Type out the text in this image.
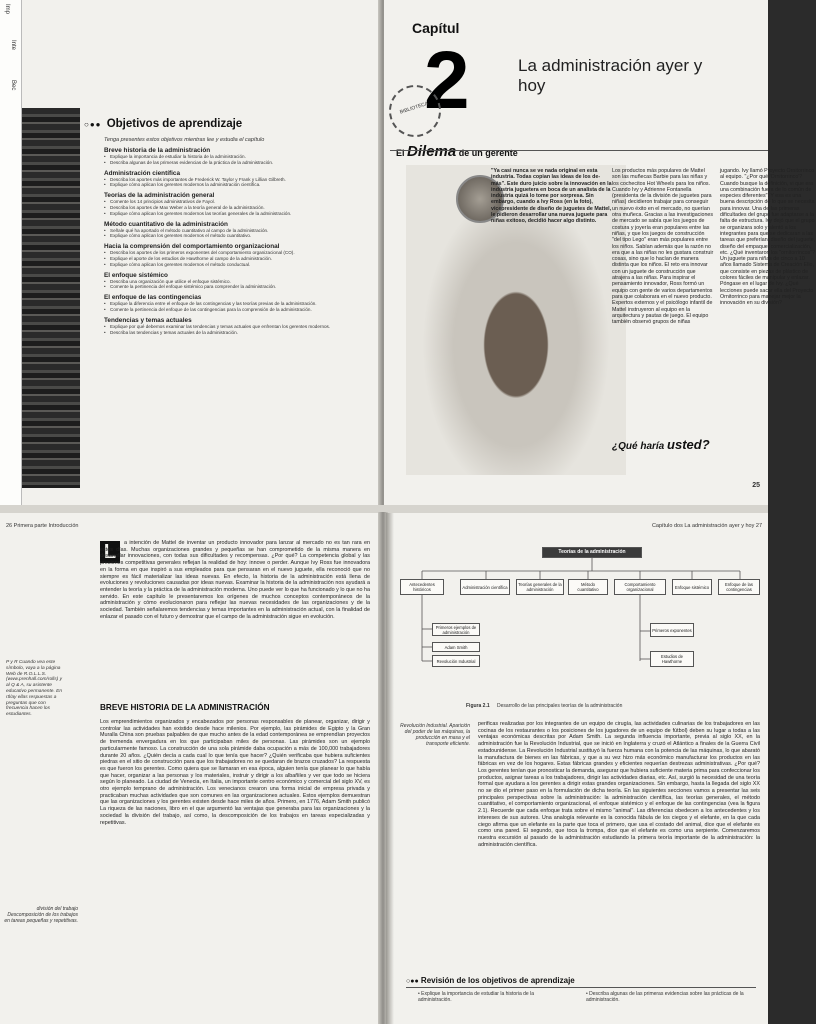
Imp
Inte
Bec
○●● Objetivos de aprendizaje
Tenga presentes estos objetivos mientras lee y estudia el capítulo
Breve historia de la administración
• Explique la importancia de estudiar la historia de la administración.
• Describa algunas de las primeras evidencias de la práctica de la administración.
Administración científica
• Describa los aportes más importantes de Frederick W. Taylor y Frank y Lillian Gilbreth.
• Explique cómo aplican los gerentes modernos la administración científica.
Teorías de la administración general
• Comente los 14 principios administrativos de Fayol.
• Describa los aportes de Max Weber a la teoría general de la administración.
• Explique cómo aplican los gerentes modernos las teorías generales de la administración.
Método cuantitativo de la administración
• Señale qué ha aportado el método cuantitativo al campo de la administración.
• Explique cómo aplican los gerentes modernos el método cuantitativo.
Hacia la comprensión del comportamiento organizacional
• Describa los aportes de los primeros exponentes del comportamiento organizacional (CO).
• Explique el aporte de los estudios de Hawthorne al campo de la administración.
• Explique cómo aplican los gerentes modernos el método conductual.
El enfoque sistémico
• Describa una organización que utilice el enfoque sistémico.
• Comente la pertinencia del enfoque sistémico para comprender la administración.
El enfoque de las contingencias
• Explique la diferencia entre el enfoque de las contingencias y las teorías previas de la administración.
• Comente la pertinencia del enfoque de las contingencias para la comprensión de la administración.
Tendencias y temas actuales
• Explique por qué debemos examinar las tendencias y temas actuales que enfrentan los gerentes modernos.
• Describa las tendencias y temas actuales de la administración.
Capítul
2	La administración ayer y hoy
BIBLIOTECA
El Dilema de un gerente
"Ya casi nunca se ve nada original en esta industria. Todas copian las ideas de los de-más". Este duro juicio sobre la innovación en la industria juguetera en boca de un analista de la industria quizá lo tome por sorpresa. Sin embargo, cuando a Ivy Ross (en la foto), vicepresidente de diseño de juguetes de Mattel, le pidieron desarrollar una nueva juguete para niñas exitoso, decidió hacer algo distinto.
Los productos más populares de Mattel son las muñecas Barbie para las niñas y los cochecitos Hot Wheels para los niños. Cuando Ivy y Adrienne Fontanella (presidenta de la división de juguetes para niñas) decidieron trabajar para conseguir un nuevo éxito en el mercado, no querían otra muñeca. Gracias a las investigaciones de mercado se sabía que los juegos de costura y joyería eran populares entre las niñas, y que los juegos de construcción "del tipo Lego" eran más populares entre los niños. Sabían además que la razón no era que a las niñas no les gustara construir cosas, sino que lo hacían de manera distinta que los niños. El reto era innovar con un juguete de construcción que atrajera a las niñas. Para inspirar el pensamiento innovador, Ross formó un equipo con gente de varios departamentos para que colaborara en el nuevo producto. Expertos externos y el psicólogo infantil de Mattel instruyeron al equipo en la arquitectura y pautas de juego. El equipo también observó grupos de niñas
jugando. Ivy llamó Proyecto Ornitorrinco al equipo. "¿Por qué 'Ornitorrinco'? Cuando busque la definición, vi que era una combinación fuera de lo común de especies diferentes". Y esa es una buena descripción de lo que se necesita para innovar. Una de las primeras dificultades del grupo fue adaptarse a la falta de estructura. Ivy dejó que el grupo se organizara solo y alentó a los integrantes para que se dedicaran a las tareas que preferían: diseño del juguete, diseño del empaque, comercialización, etc. ¿Qué inventaron los "ornitorrincos"? Un juguete para niñas de cinco a 10 años llamado Sistema de Creación Ello, que consiste en piezas de plástico de colores fáciles de manipular y enlazar. Póngase en el lugar de Ivy. ¿Qué lecciones puede sacar ella del Proyecto Ornitorrinco para manejar mejor la innovación en su división?
¿Qué haría usted?
25
26 Primera parte Introducción
L	a intención de Mattel de inventar un producto innovador para lanzar al mercado no es tan rara en estos días. Muchas organizaciones grandes y pequeñas se han comprometido de la misma manera en desarrollar innovaciones, con todas sus dificultades y recompensas. ¿Por qué? La competencia global y las presiones competitivas generales reflejan la realidad de hoy: innove o perder. Aunque Ivy Ross fue innovadora en la forma en que inspiró a sus empleados para que pensaran en el nuevo juguete, ella reconoció que no siempre es fácil materializar las ideas nuevas. En efecto, la historia de la administración está llena de evoluciones y revoluciones causadas por ideas nuevas. Examinar la historia de la administración nos ayudará a entender la teoría y la práctica de la administración moderna. Uno puede ver lo que ha funcionado y lo que no ha servido. En este capítulo le presentaremos los orígenes de muchos conceptos contemporáneos de la administración y cómo evolucionaron para reflejar las nuevas necesidades de las organizaciones y de la sociedad. También señalaremos tendencias y temas importantes en la administración actual, con la finalidad de enlazar el pasado con el futuro y demostrar que el campo de la administración sigue en evolución.
P y R Cuando vea este símbolo, vaya a la página Web de R.O.L.L.S. (www.prenhall.com/rolls) y al Q & A, su asistente educativo permanente. En rtl/ay ellas respuestas a preguntas que con frecuencia hacen los estudiantes.
BREVE HISTORIA DE LA ADMINISTRACIÓN
Los emprendimientos organizados y encabezados por personas responsables de planear, organizar, dirigir y controlar las actividades han existido desde hace milenios. Por ejemplo, las pirámides de Egipto y la Gran Muralla China son pruebas palpables de que mucho antes de la edad contemporánea se emprendían proyectos de tremenda envergadura en los que participaban miles de personas. Las pirámides son un ejemplo particularmente famoso. La construcción de una sola pirámide daba ocupación a más de 100,000 trabajadores durante 20 años. ¿Quién decía a cada cual lo que tenía que hacer? ¿Quién verificaba que hubiera suficientes piedras en el sitio de construcción para que los trabajadores no se quedaran de brazos cruzados? La respuesta es que fueron los gerentes. Como quiera que se llamaran en esa época, alguien tenía que planear lo que había que hacer, organizar a las personas y los materiales, instruir y dirigir a los albañiles y ver que todo se hiciera según lo planeado. La ciudad de Venecia, en Italia, un importante centro económico y comercial del siglo XV, es otro ejemplo temprano de administración. Los venecianos crearon una forma inicial de empresa privada y practicaban muchas actividades que son comunes en las organizaciones actuales. Estos ejemplos demuestran que las organizaciones y los gerentes existen desde hace miles de años. Primero, en 1776, Adam Smith publicó La riqueza de las naciones, libro en el que argumentó las ventajas que generaba para las organizaciones y la sociedad la división del trabajo, así como, la descomposición de los trabajos en tareas especializadas y repetitivas.
división del trabajo Descomposición de los trabajos en tareas pequeñas y repetitivas.
Capítulo dos La administración ayer y hoy 27
Teorías de la administración
Antecedentes históricos	Administración científica	Teorías generales de la administración
Método cuantitativo
Comportamiento organizacional	Enfoque sistémico	Enfoque de las contingencias
Primeros ejemplos de administración
Adam Smith
Revolución Industrial
Primeros exponentes
Estudios de Hawthorne
Figura 2.1 Desarrollo de las principales teorías de la administración
Revolución Industrial. Aparición del poder de las máquinas, la producción en masa y el transporte eficiente.
perificas realizadas por los integrantes de un equipo de cirugía, las actividades culinarias de los trabajadores en las cocinas de los restaurantes o los posiciones de los jugadores de un equipo de fútbol) deben su lugar a todas a las ventajas económicas descritas por Adam Smith. La segunda influencia importante, previa al siglo XX, en la administración fue la Revolución Industrial, que se inició en Inglaterra y cruzó el Atlántico a finales de la Guerra Civil estadounidense. La Revolución Industrial sustituyó la fuerza humana con la potencia de las máquinas, lo que abarató la manufactura de bienes en las fábricas, y que a su vez hizo más económico manufacturar los productos en las fábricas en vez de los hogares. Estas fábricas grandes y eficientes requerían destrezas administrativas. ¿Por qué? Los gerentes tenían que pronosticar la demanda, asegurar que hubiera suficiente materia prima para confeccionar los productos, asignar tareas a los trabajadores, dirigir las actividades diarias, etc. Así, surgió la necesidad de una teoría formal que ayudara a los gerentes a dirigir estas grandes organizaciones. Sin embargo, hasta la llegada del siglo XX no se dio el primer paso en la formulación de dicha teoría. En las siguientes secciones vamos a presentar las seis principales perspectivas sobre la administración: la administración científica, las teorías generales, el método cuantitativo, el comportamiento organizacional, el enfoque sistémico y el enfoque de las contingencias (vea la figura 2.1). Recuerde que cada enfoque trata sobre el mismo "animal". Las diferencias obedecen a los antecedentes y los intereses de sus autores. Una analogía relevante es la conocida fábula de los ciegos y el elefante, en la que cada ciego afirma que un elefante es la parte que toca el primero, que usa el costado del animal, dice que el elefante es como una pared. El segundo, que toca la trompa, dice que el elefante es como una serpiente. Comenzaremos nuestra excursión al pasado de la administración estudiando la primera teoría importante de la administración: la administración científica.
○●● Revisión de los objetivos de aprendizaje
• Explique la importancia de estudiar la historia de la administración.
• Describa algunas de las primeras evidencias sobre las prácticas de la administración.
